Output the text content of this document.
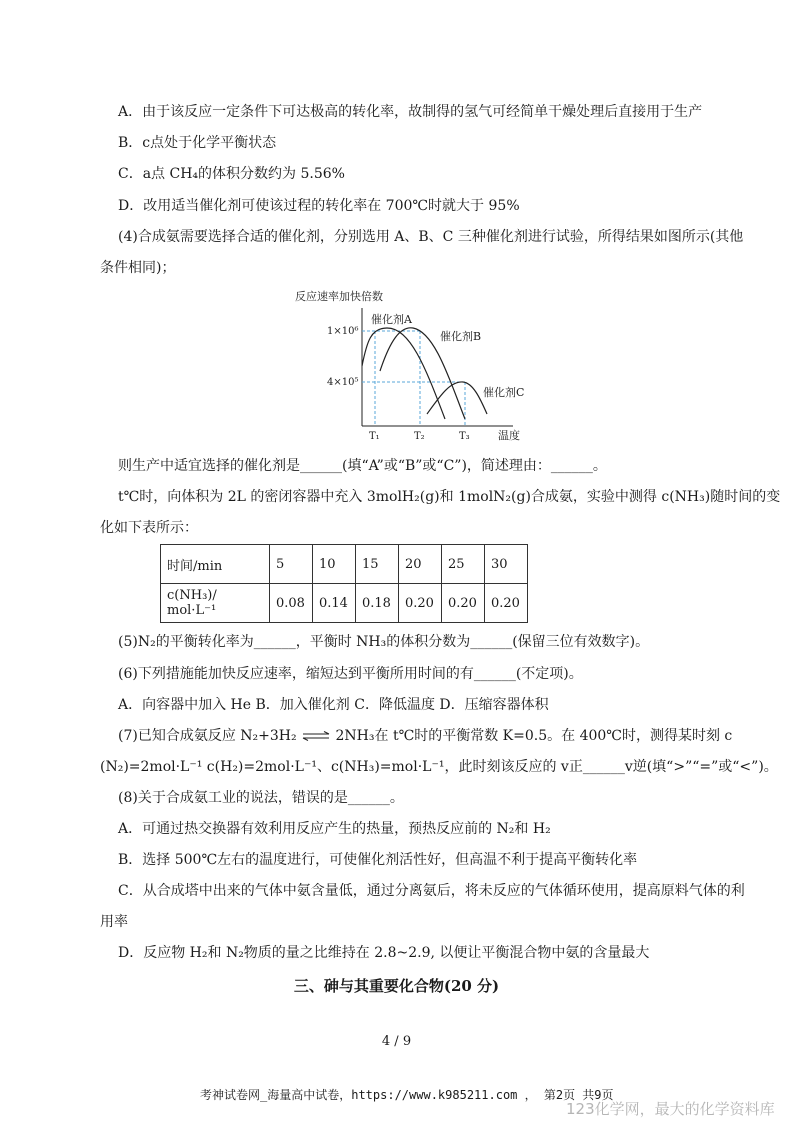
A．由于该反应一定条件下可达极高的转化率，故制得的氢气可经简单干燥处理后直接用于生产
B．c点处于化学平衡状态
C．a点 CH₄的体积分数约为 5.56%
D．改用适当催化剂可使该过程的转化率在 700℃时就大于 95%
(4)合成氨需要选择合适的催化剂，分别选用 A、B、C 三种催化剂进行试验，所得结果如图所示(其他
条件相同)；
反应速率加快倍数
1×10⁶
4×10⁵
催化剂A
催化剂B
催化剂C
T₁	T₂	T₃	温度
则生产中适宜选择的催化剂是______(填“A”或“B”或“C”)，简述理由：______。
t℃时，向体积为 2L 的密闭容器中充入 3molH₂(g)和 1molN₂(g)合成氨，实验中测得 c(NH₃)随时间的变
化如下表所示：
时间/min	5	10	15	20	25	30
c(NH₃)/ mol·L⁻¹	0.08	0.14	0.18	0.20	0.20	0.20
(5)N₂的平衡转化率为______，平衡时 NH₃的体积分数为______(保留三位有效数字)。
(6)下列措施能加快反应速率，缩短达到平衡所用时间的有______(不定项)。
A．向容器中加入 He B．加入催化剂 C．降低温度 D．压缩容器体积
(7)已知合成氨反应 N₂+3H₂ ⇌ 2NH₃在 t℃时的平衡常数 K=0.5。在 400℃时，测得某时刻 c
(N₂)=2mol·L⁻¹ c(H₂)=2mol·L⁻¹、c(NH₃)=mol·L⁻¹，此时刻该反应的 v正______v逆(填“>”“=”或“<”)。
(8)关于合成氨工业的说法，错误的是______。
A．可通过热交换器有效利用反应产生的热量，预热反应前的 N₂和 H₂
B．选择 500℃左右的温度进行，可使催化剂活性好，但高温不利于提高平衡转化率
C．从合成塔中出来的气体中氨含量低，通过分离氨后，将未反应的气体循环使用，提高原料气体的利
用率
D．反应物 H₂和 N₂物质的量之比维持在 2.8~2.9, 以便让平衡混合物中氨的含量最大
三、砷与其重要化合物(20 分)
4 / 9
考神试卷网_海量高中试卷，https://www.k985211.com ， 第2页 共9页
123化学网，最大的化学资料库
